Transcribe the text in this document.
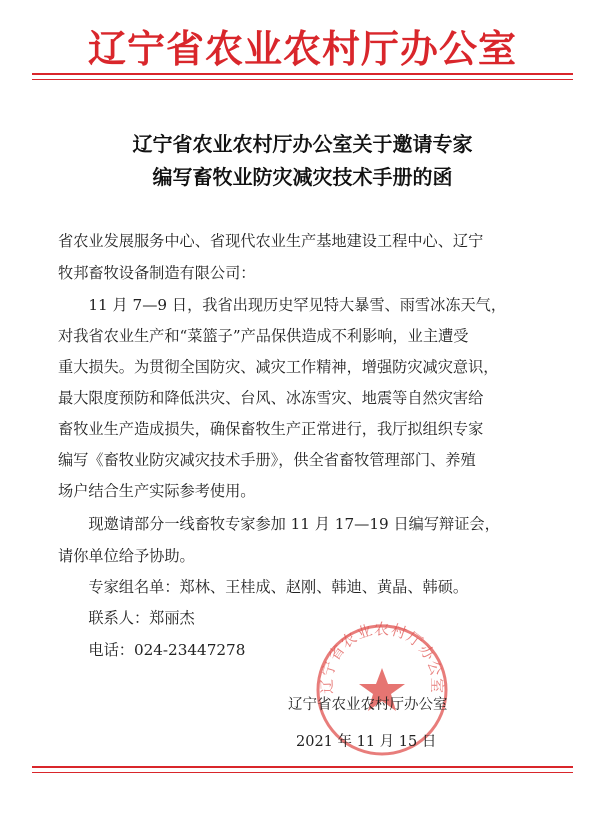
辽宁省农业农村厅办公室
辽宁省农业农村厅办公室关于邀请专家
编写畜牧业防灾减灾技术手册的函
省农业发展服务中心、省现代农业生产基地建设工程中心、辽宁
牧邦畜牧设备制造有限公司：
　　11 月 7—9 日，我省出现历史罕见特大暴雪、雨雪冰冻天气，
对我省农业生产和“菜篮子”产品保供造成不利影响，业主遭受
重大损失。为贯彻全国防灾、减灾工作精神，增强防灾减灾意识，
最大限度预防和降低洪灾、台风、冰冻雪灾、地震等自然灾害给
畜牧业生产造成损失，确保畜牧生产正常进行，我厅拟组织专家
编写《畜牧业防灾减灾技术手册》，供全省畜牧管理部门、养殖
场户结合生产实际参考使用。
　　现邀请部分一线畜牧专家参加 11 月 17—19 日编写辩证会，
请你单位给予协助。
　　专家组名单：郑林、王桂成、赵刚、韩迪、黄晶、韩硕。
　　联系人：郑丽杰
　　电话：024-23447278
辽宁省农业农村厅办公室
辽宁省农业农村厅办公室
2021 年 11 月 15 日
